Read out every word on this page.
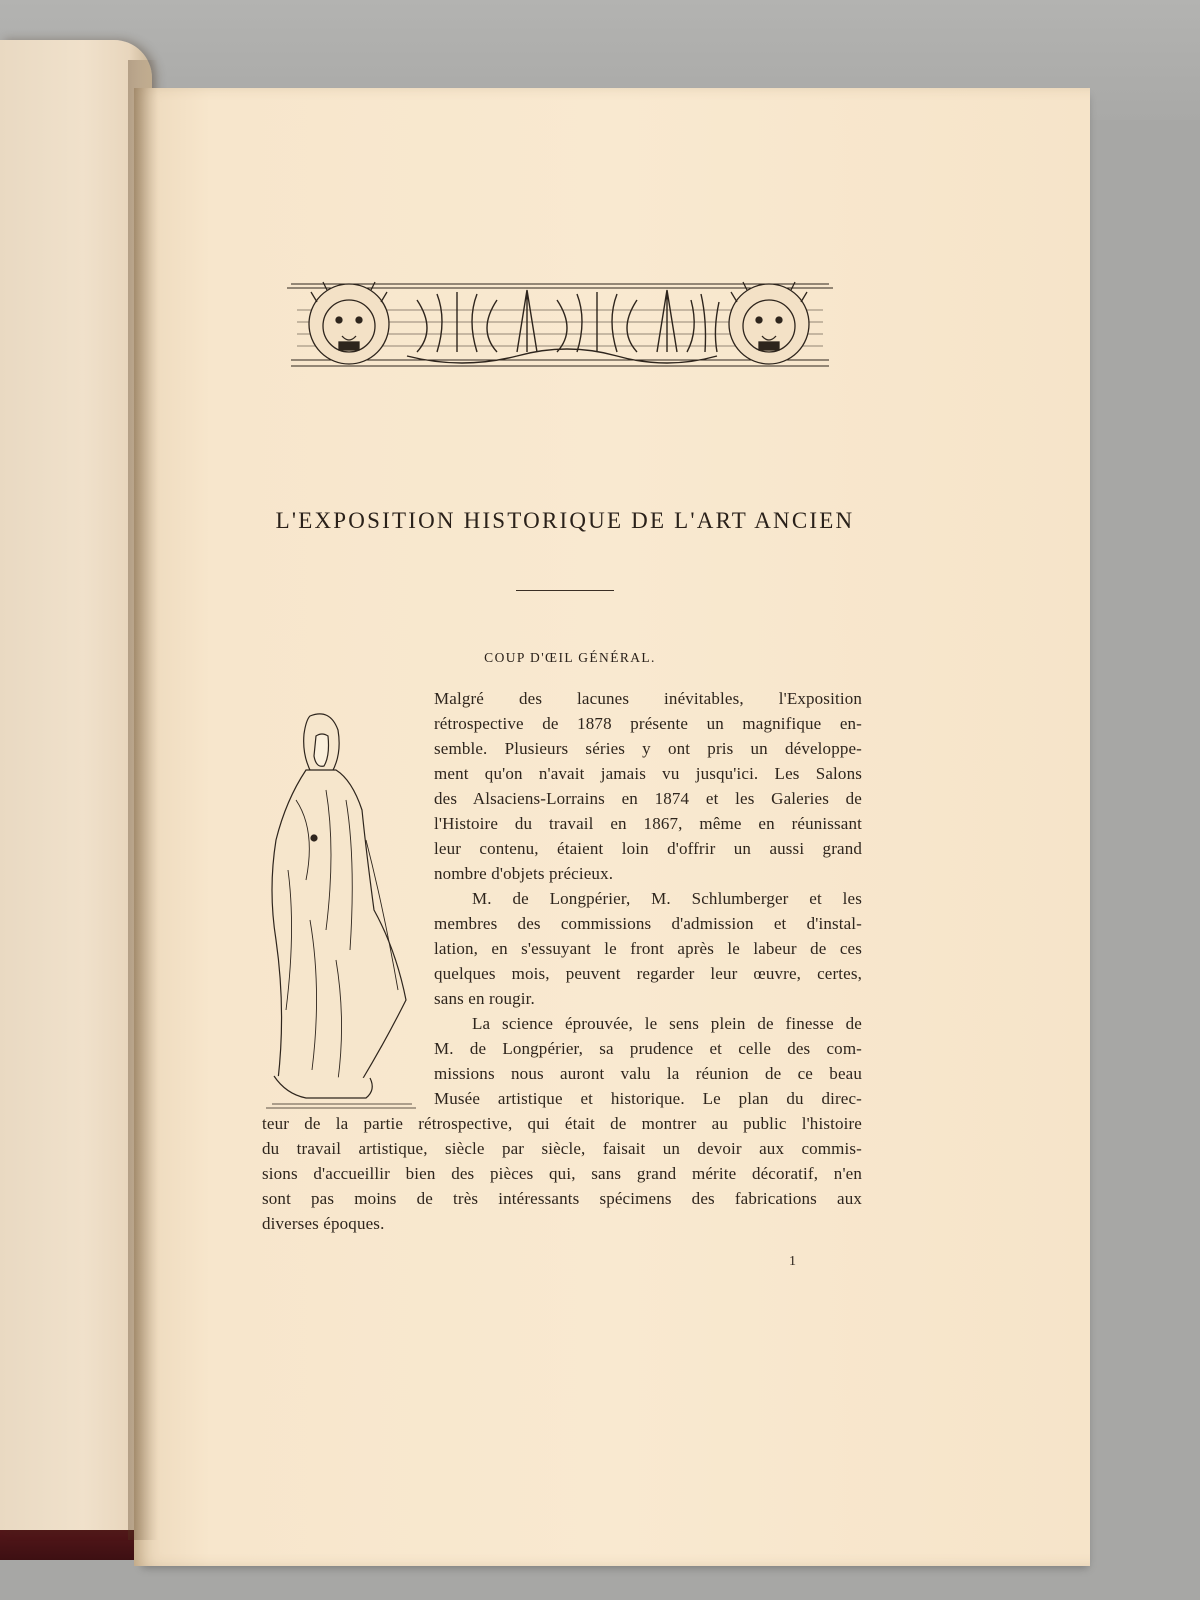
L'EXPOSITION HISTORIQUE DE L'ART ANCIEN
COUP D'ŒIL GÉNÉRAL.
Malgré des lacunes inévitables, l'Exposition
rétrospective de 1878 présente un magnifique en-
semble. Plusieurs séries y ont pris un développe-
ment qu'on n'avait jamais vu jusqu'ici. Les Salons
des Alsaciens-Lorrains en 1874 et les Galeries de
l'Histoire du travail en 1867, même en réunissant
leur contenu, étaient loin d'offrir un aussi grand
nombre d'objets précieux.
M. de Longpérier, M. Schlumberger et les
membres des commissions d'admission et d'instal-
lation, en s'essuyant le front après le labeur de ces
quelques mois, peuvent regarder leur œuvre, certes,
sans en rougir.
La science éprouvée, le sens plein de finesse de
M. de Longpérier, sa prudence et celle des com-
missions nous auront valu la réunion de ce beau
Musée artistique et historique. Le plan du direc-
teur de la partie rétrospective, qui était de montrer au public l'histoire
du travail artistique, siècle par siècle, faisait un devoir aux commis-
sions d'accueillir bien des pièces qui, sans grand mérite décoratif, n'en
sont pas moins de très intéressants spécimens des fabrications aux
diverses époques.
1
